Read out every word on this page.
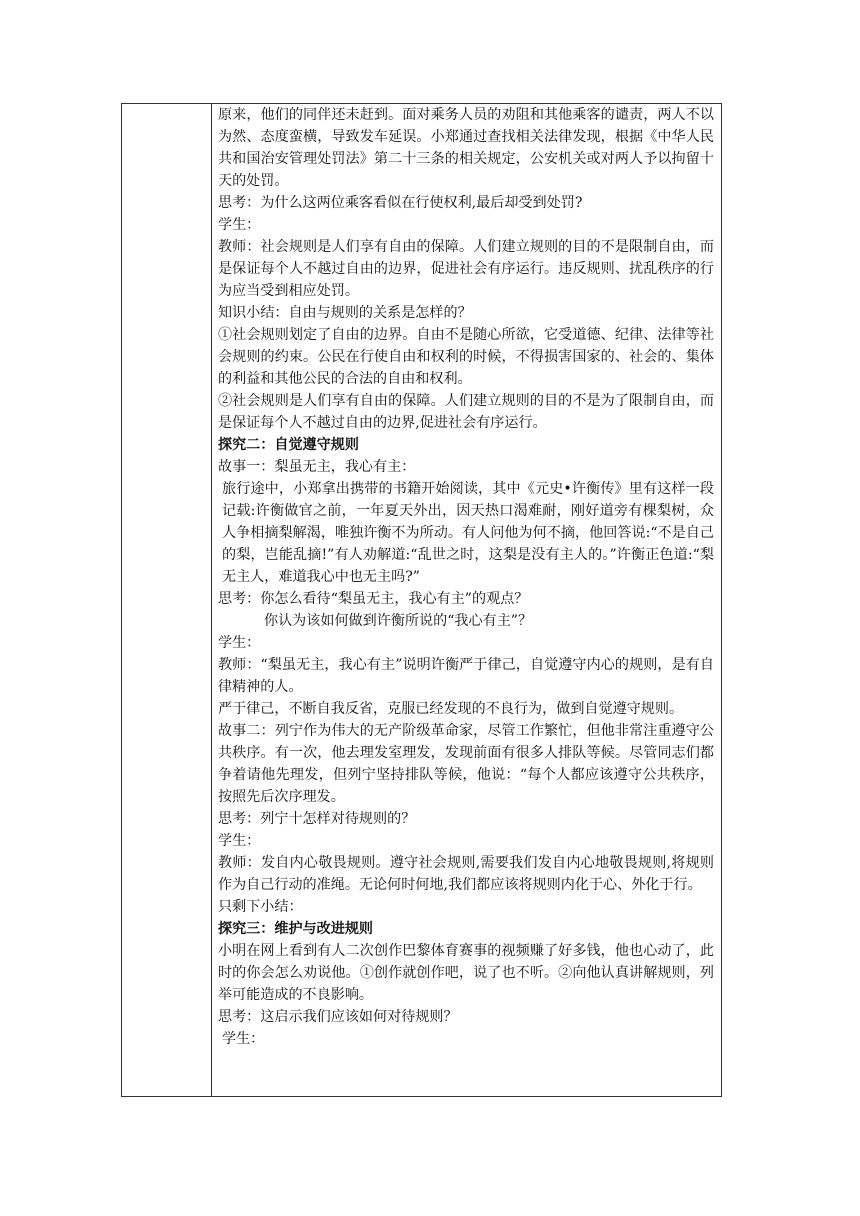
原来，他们的同伴还未赶到。面对乘务人员的劝阻和其他乘客的谴责，两人不以为然、态度蛮横，导致发车延误。小郑通过查找相关法律发现，根据《中华人民共和国治安管理处罚法》第二十三条的相关规定，公安机关或对两人予以拘留十天的处罚。

思考：为什么这两位乘客看似在行使权利,最后却受到处罚?

学生：

教师：社会规则是人们享有自由的保障。人们建立规则的目的不是限制自由，而是保证每个人不越过自由的边界，促进社会有序运行。违反规则、扰乱秩序的行为应当受到相应处罚。

知识小结：自由与规则的关系是怎样的？

①社会规则划定了自由的边界。自由不是随心所欲，它受道德、纪律、法律等社会规则的约束。公民在行使自由和权利的时候，不得损害国家的、社会的、集体的利益和其他公民的合法的自由和权利。

②社会规则是人们享有自由的保障。人们建立规则的目的不是为了限制自由，而是保证每个人不越过自由的边界,促进社会有序运行。

探究二：自觉遵守规则

故事一：梨虽无主，我心有主：

旅行途中，小郑拿出携带的书籍开始阅读，其中《元史•许衡传》里有这样一段记载:许衡做官之前，一年夏天外出，因天热口渴难耐，刚好道旁有棵梨树，众人争相摘梨解渴，唯独许衡不为所动。有人问他为何不摘，他回答说:“不是自己的梨，岂能乱摘!”有人劝解道:“乱世之时，这梨是没有主人的。”许衡正色道:“梨无主人，难道我心中也无主吗?”

思考：你怎么看待“梨虽无主，我心有主”的观点？

你认为该如何做到许衡所说的“我心有主”？

学生：

教师：“梨虽无主，我心有主”说明许衡严于律己，自觉遵守内心的规则，是有自律精神的人。

严于律己，不断自我反省，克服已经发现的不良行为，做到自觉遵守规则。

故事二：列宁作为伟大的无产阶级革命家，尽管工作繁忙，但他非常注重遵守公共秩序。有一次，他去理发室理发，发现前面有很多人排队等候。尽管同志们都争着请他先理发，但列宁坚持排队等候，他说：“每个人都应该遵守公共秩序，按照先后次序理发。

思考：列宁十怎样对待规则的？

学生：

教师：发自内心敬畏规则。遵守社会规则,需要我们发自内心地敬畏规则,将规则作为自己行动的准绳。无论何时何地,我们都应该将规则内化于心、外化于行。

只剩下小结：

探究三：维护与改进规则

小明在网上看到有人二次创作巴黎体育赛事的视频赚了好多钱，他也心动了，此时的你会怎么劝说他。①创作就创作吧，说了也不听。②向他认真讲解规则，列举可能造成的不良影响。

思考：这启示我们应该如何对待规则？

学生：
